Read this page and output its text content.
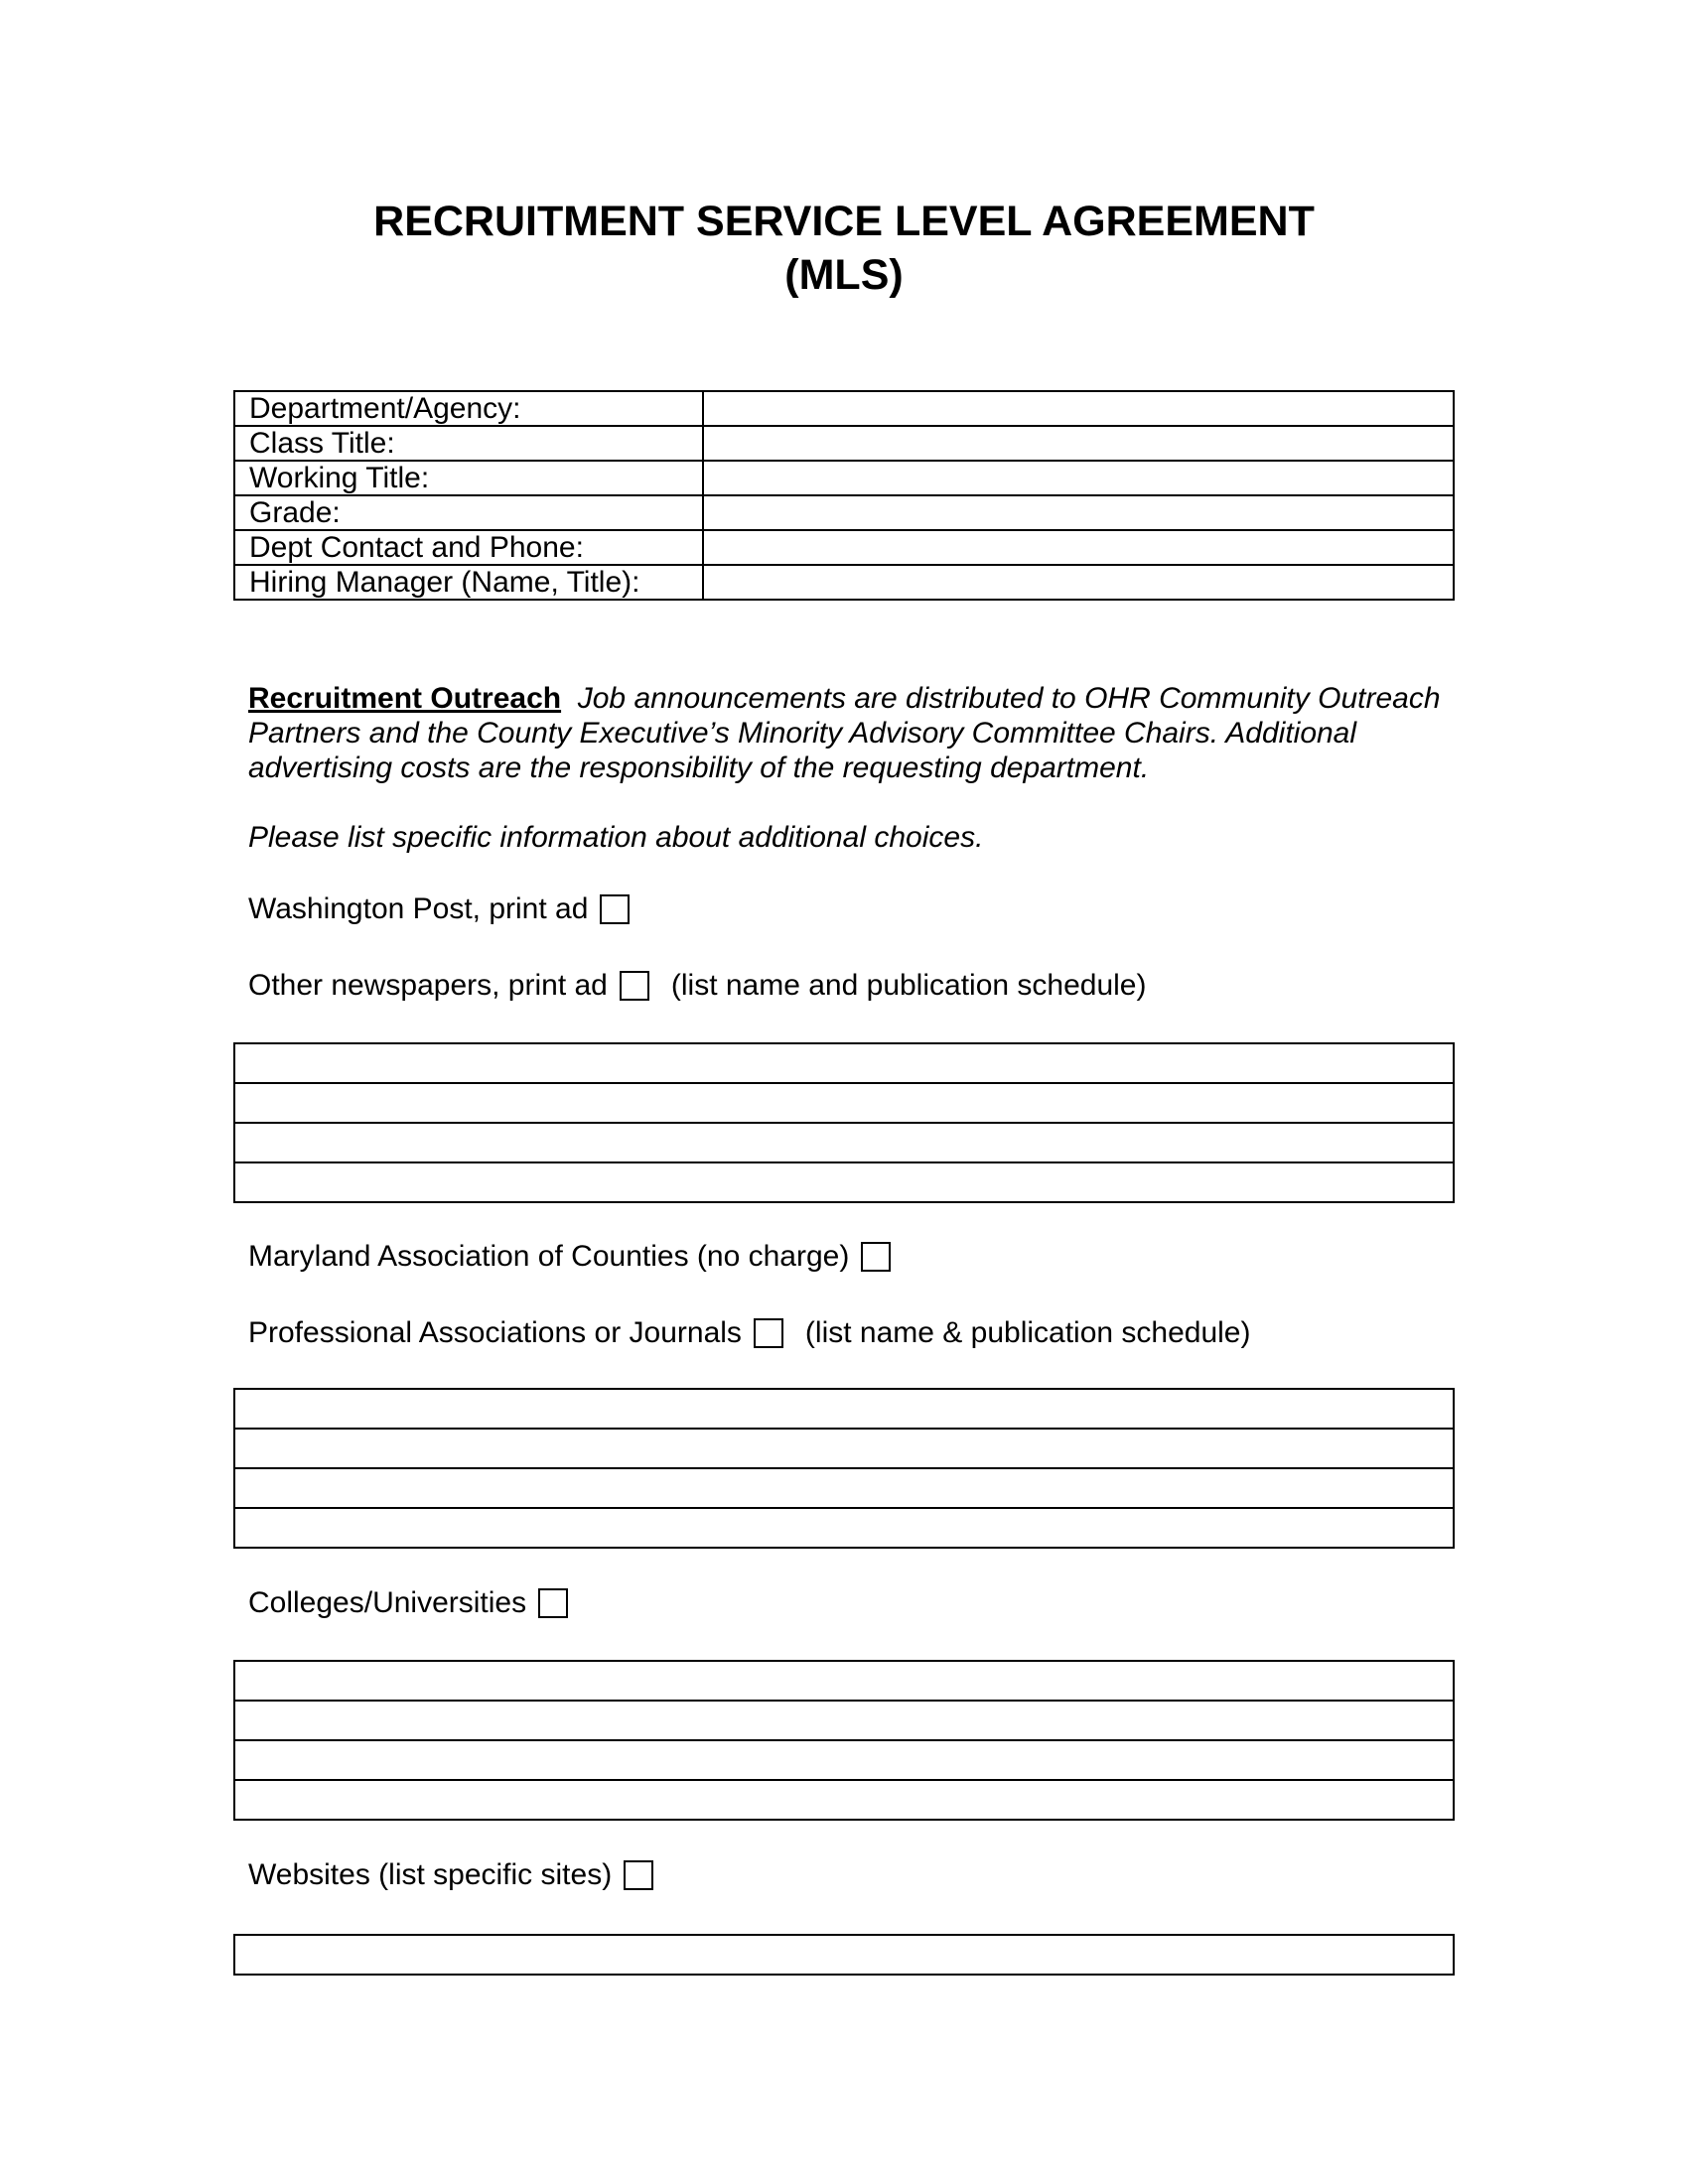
RECRUITMENT SERVICE LEVEL AGREEMENT
(MLS)
Department/Agency:	
Class Title:	
Working Title:	
Grade:	
Dept Contact and Phone:	
Hiring Manager (Name, Title):	
Recruitment Outreach Job announcements are distributed to OHR Community Outreach Partners and the County Executive’s Minority Advisory Committee Chairs. Additional advertising costs are the responsibility of the requesting department.
Please list specific information about additional choices.
Washington Post, print ad
Other newspapers, print ad (list name and publication schedule)

Maryland Association of Counties (no charge)
Professional Associations or Journals (list name & publication schedule)

Colleges/Universities

Websites (list specific sites)
